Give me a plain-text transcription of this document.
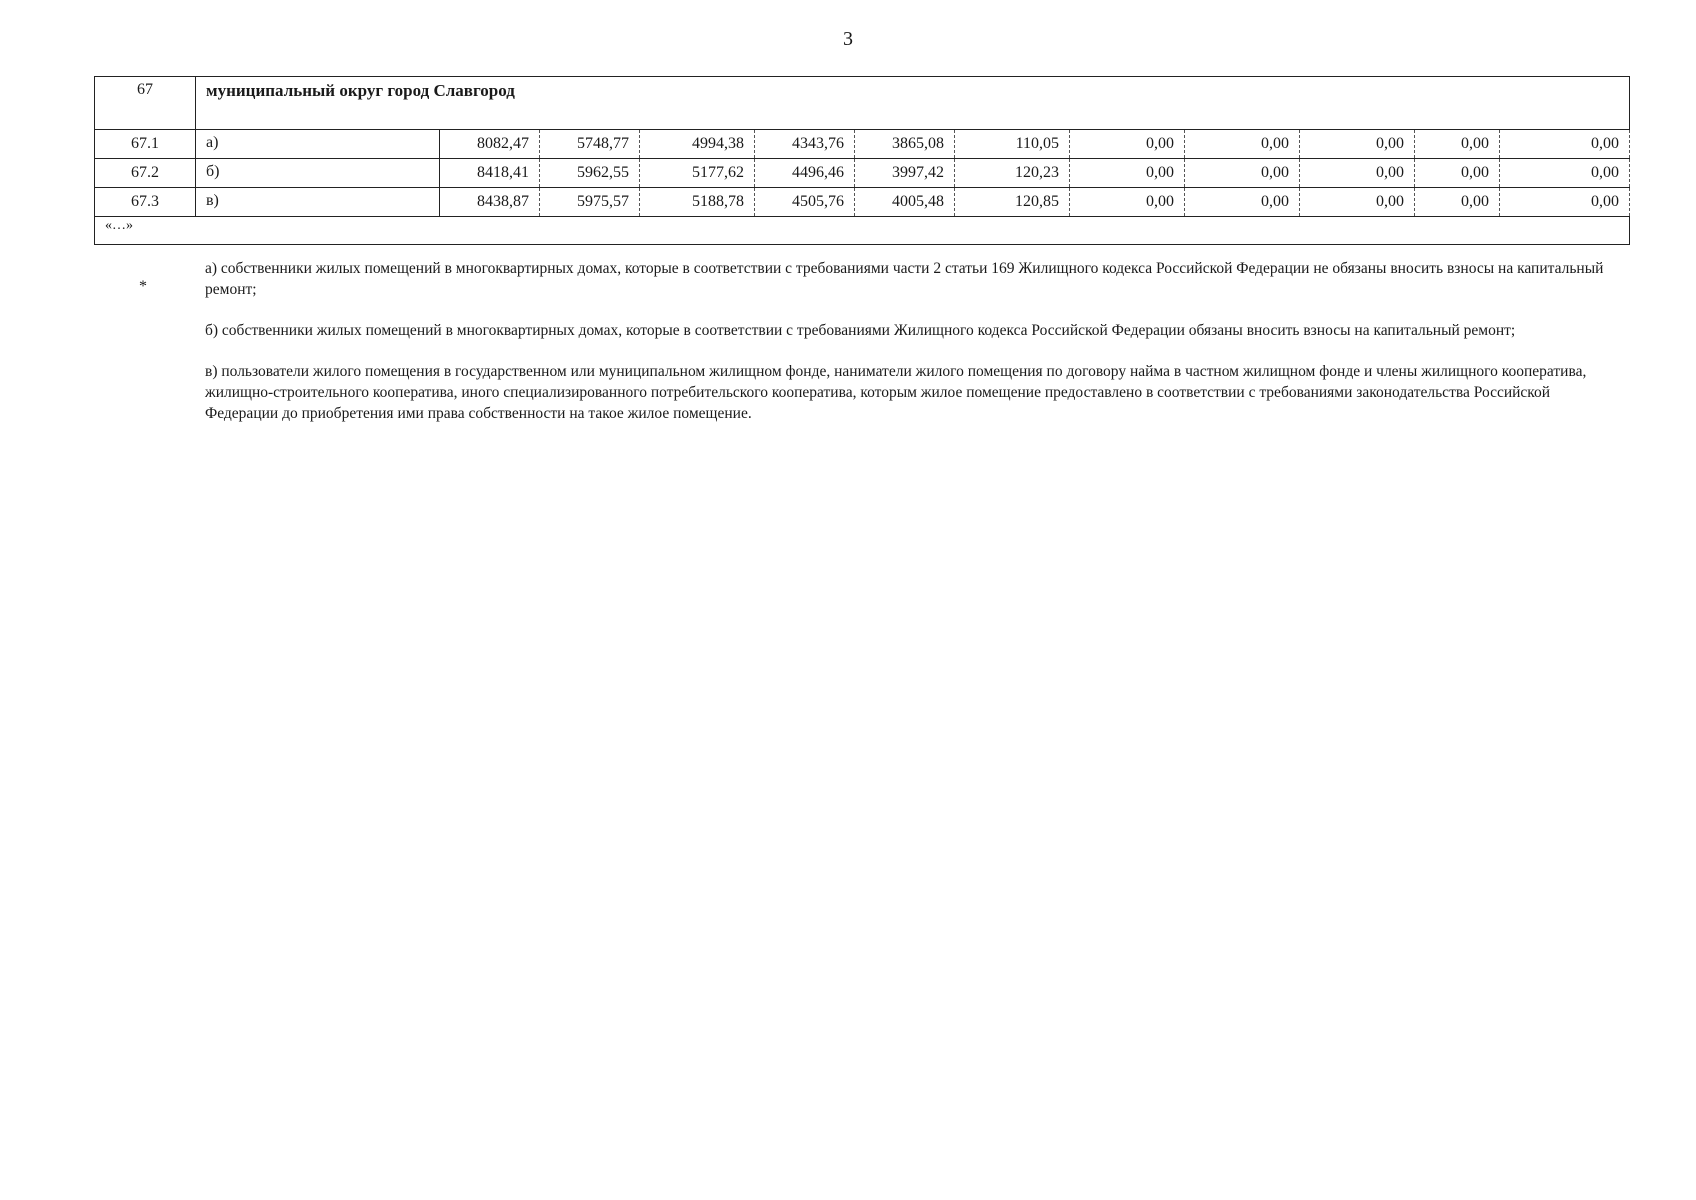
3
67	муниципальный округ город Славгород											
67.1	а)	8082,47	5748,77	4994,38	4343,76	3865,08	110,05	0,00	0,00	0,00	0,00	0,00
67.2	б)	8418,41	5962,55	5177,62	4496,46	3997,42	120,23	0,00	0,00	0,00	0,00	0,00
67.3	в)	8438,87	5975,57	5188,78	4505,76	4005,48	120,85	0,00	0,00	0,00	0,00	0,00
«…»												
*

а) собственники жилых помещений в многоквартирных домах, которые в соответствии с требованиями части 2 статьи 169 Жилищного кодекса Российской Федерации не обязаны вносить взносы на капитальный ремонт;

б) собственники жилых помещений в многоквартирных домах, которые в соответствии с требованиями Жилищного кодекса Российской Федерации обязаны вносить взносы на капитальный ремонт;

в) пользователи жилого помещения в государственном или муниципальном жилищном фонде, наниматели жилого помещения по договору найма в частном жилищном фонде и члены жилищного кооператива, жилищно-строительного кооператива, иного специализированного потребительского кооператива, которым жилое помещение предоставлено в соответствии с требованиями законодательства Российской Федерации до приобретения ими права собственности на такое жилое помещение.
